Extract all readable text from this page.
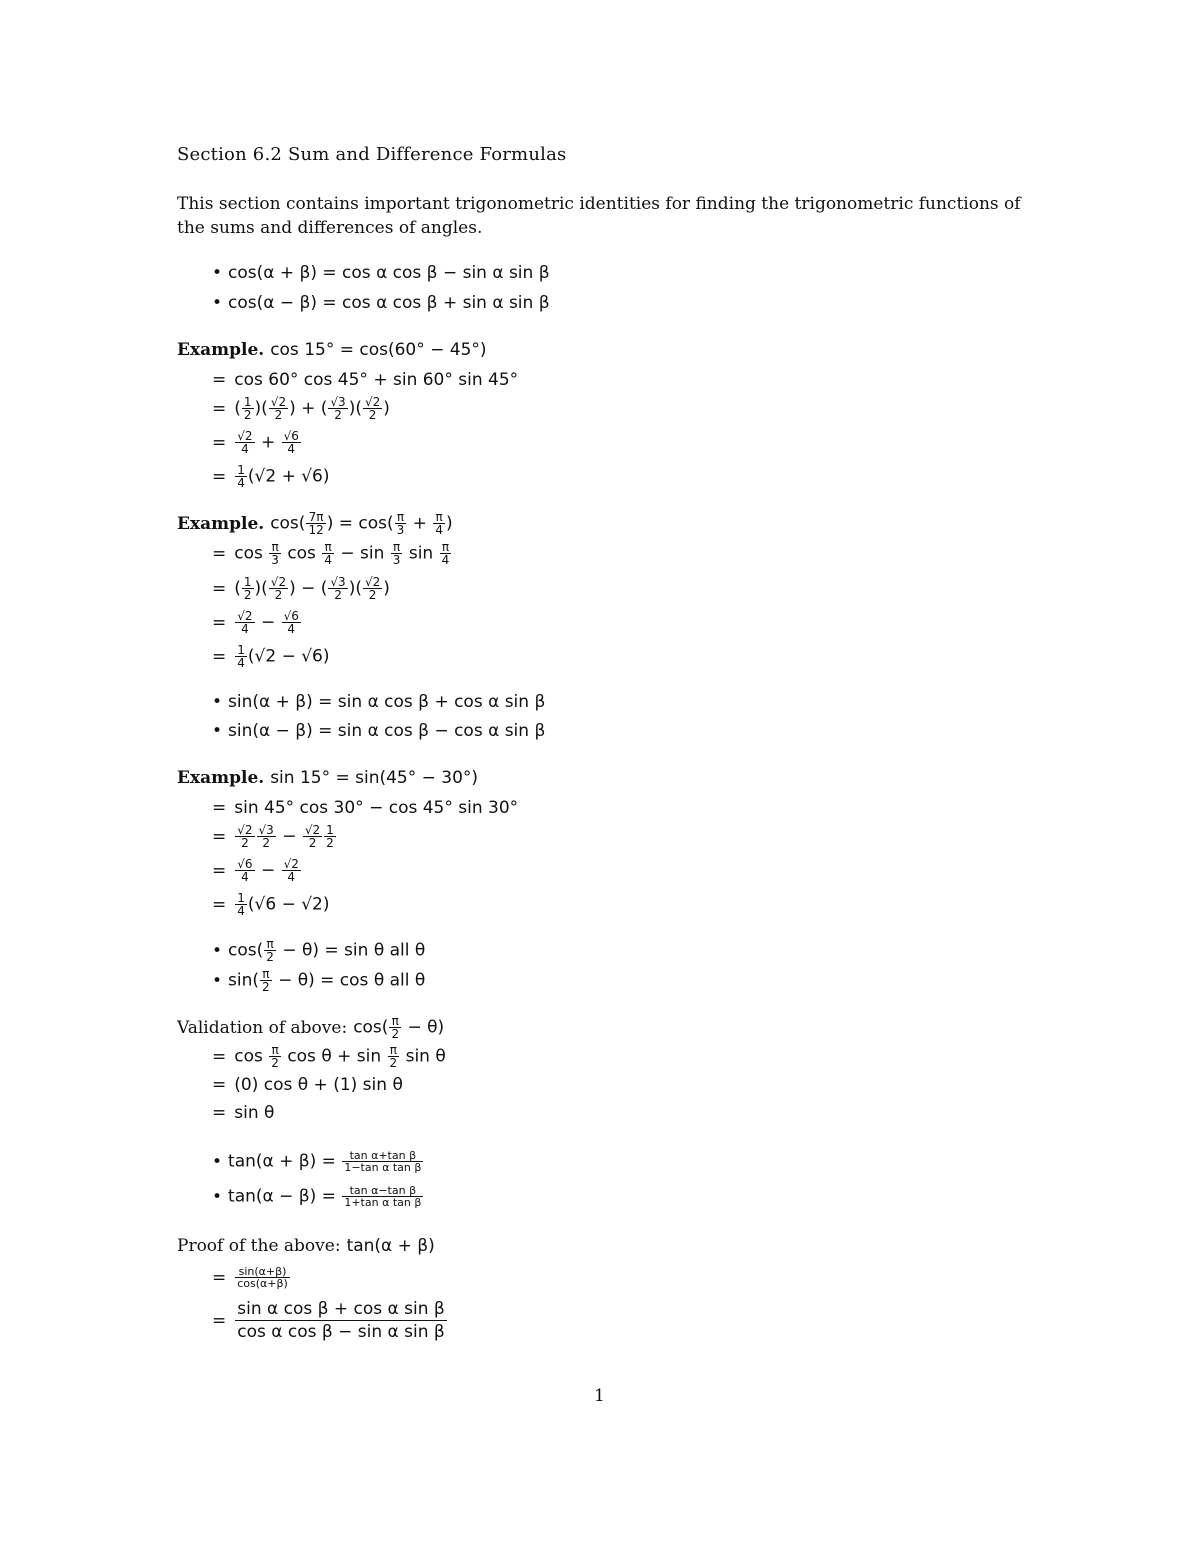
Section 6.2 Sum and Difference Formulas
This section contains important trigonometric identities for finding the trigonometric functions of the sums and differences of angles.
• cos(α + β) = cos α cos β − sin α sin β
• cos(α − β) = cos α cos β + sin α sin β
Example. cos 15° = cos(60° − 45°)
= cos 60° cos 45° + sin 60° sin 45°
= ( $\frac{1}{2}$ )( $\frac{√2}{2}$ ) + ( $\frac{√3}{2}$ )( $\frac{√2}{2}$ )
= $\frac{√2}{4} + \frac{√6}{4}$
= $\frac{1}{4} (√2 + √6)$
Example. $\cos( \frac{7\pi}{12}$ ) = $\cos( \frac{\pi}{3} + \frac{\pi}{4}$ )
= $\cos \frac{\pi}{3}$ $\cos \frac{\pi}{4} - \sin \frac{\pi}{3}$ $\sin \frac{\pi}{4}$
= ( $\frac{1}{2}$ )( $\frac{√2}{2}$ ) − ( $\frac{√3}{2}$ )( $\frac{√2}{2}$ )
= $\frac{√2}{4} - \frac{√6}{4}$
= $\frac{1}{4} (√2 - √6)$
• sin(α + β) = sin α cos β + cos α sin β
• sin(α − β) = sin α cos β − cos α sin β
Example. sin 15° = sin(45° − 30°)
= sin 45° cos 30° − cos 45° sin 30°
= $\frac{√2}{2} \frac{√3}{2} - \frac{√2}{2} \frac{1}{2}$
= $\frac{√6}{4} - \frac{√2}{4}$
= $\frac{1}{4} (√6 - √2)$
• $\cos( \frac{\pi}{2} - \theta) = \sin \theta$ all θ
• $\sin( \frac{\pi}{2} - \theta) = \cos \theta$ all θ
Validation of above: $\cos( \frac{\pi}{2} - \theta)$
= $\cos \frac{\pi}{2}$ $\cos \theta + \sin \frac{\pi}{2}$ sin θ
= (0) cos θ + (1) sin θ
= sin θ
• $\tan(\alpha + \beta) = \frac{\text{tan α+tan β}}{\text{1−tan α tan β}}$
• $\tan(\alpha - \beta) = \frac{\text{tan α−tan β}}{\text{1+tan α tan β}}$
Proof of the above: tan(α + β)
= $\frac{\sin(\alpha+\beta)}{\cos(\alpha+\beta)}$
= $\frac{\text{sin α cos β + cos α sin β}}{\text{cos α cos β − sin α sin β}}$
1
